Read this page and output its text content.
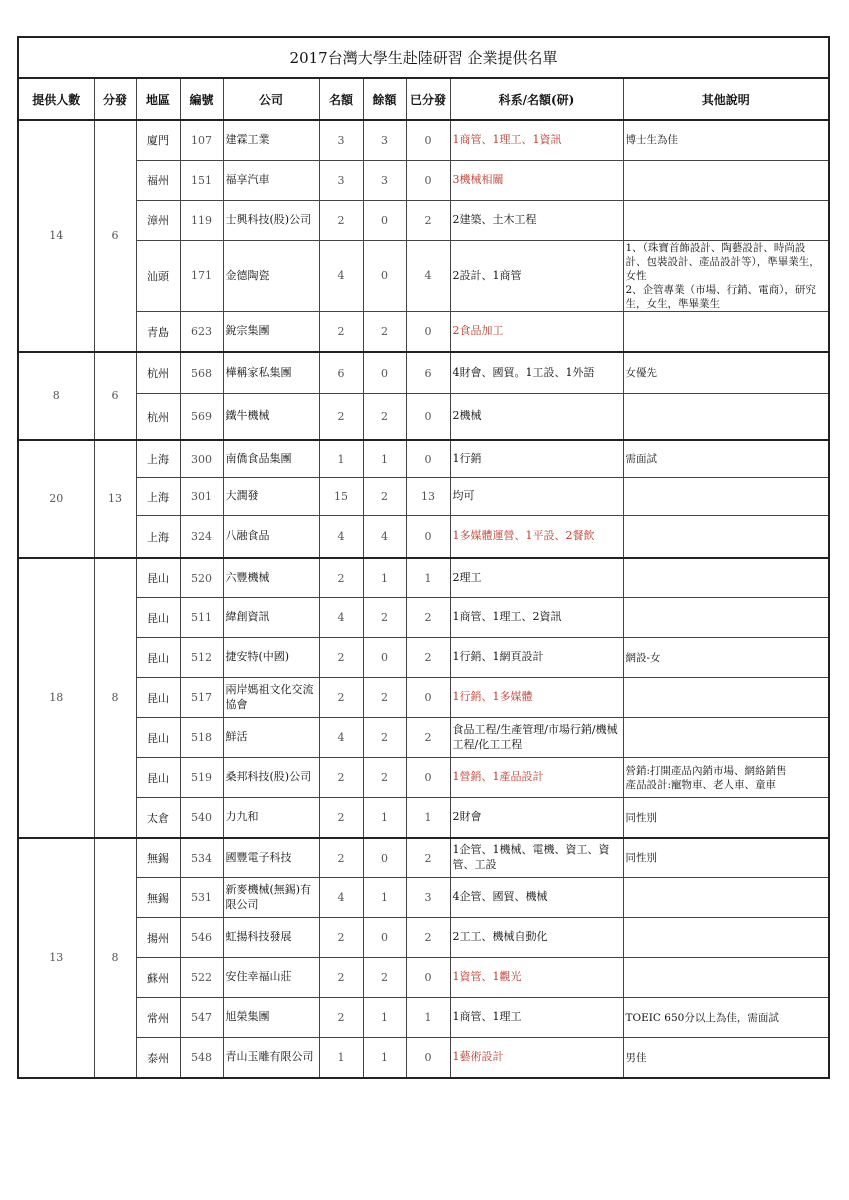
2017台灣大學生赴陸研習 企業提供名單									
提供人數	分發	地區	編號	公司	名額	餘額	已分發	科系/名額(研)	其他說明
14	6	廈門	107	建霖工業	3	3	0	1商管、1理工、1資訊	博士生為佳
		福州	151	福享汽車	3	3	0	3機械相關	
		漳州	119	士興科技(股)公司	2	0	2	2建築、土木工程	
		汕頭	171	金德陶瓷	4	0	4	2設計、1商管	1、（珠寶首飾設計、陶藝設計、時尚設計、包裝設計、產品設計等），準畢業生，女性
2、企管專業（市場、行銷、電商），研究生，女生，準畢業生
		青島	623	銳宗集團	2	2	0	2食品加工	
8	6	杭州	568	樺稱家私集團	6	0	6	4財會、國貿。1工設、1外語	女優先
		杭州	569	鐵牛機械	2	2	0	2機械	
20	13	上海	300	南僑食品集團	1	1	0	1行銷	需面試
		上海	301	大潤發	15	2	13	均可	
		上海	324	八融食品	4	4	0	1多媒體運營、1平設、2餐飲	
18	8	昆山	520	六豐機械	2	1	1	2理工	
		昆山	511	緯創資訊	4	2	2	1商管、1理工、2資訊	
		昆山	512	捷安特(中國)	2	0	2	1行銷、1網頁設計	網設-女
		昆山	517	兩岸媽祖文化交流協會	2	2	0	1行銷、1多媒體	
		昆山	518	鮮活	4	2	2	食品工程/生產管理/市場行銷/機械工程/化工工程	
		昆山	519	桑邦科技(股)公司	2	2	0	1營銷、1產品設計	營銷:打開產品內銷市場、網絡銷售
產品設計:寵物車、老人車、童車
		太倉	540	力九和	2	1	1	2財會	同性別
13	8	無錫	534	國豐電子科技	2	0	2	1企管、1機械、電機、資工、資管、工設	同性別
		無錫	531	新麥機械(無錫)有限公司	4	1	3	4企管、國貿、機械	
		揚州	546	虹揚科技發展	2	0	2	2工工、機械自動化	
		蘇州	522	安住幸福山莊	2	2	0	1資管、1觀光	
		常州	547	旭榮集團	2	1	1	1商管、1理工	TOEIC 650分以上為佳，需面試
		泰州	548	青山玉雕有限公司	1	1	0	1藝術設計	男佳
